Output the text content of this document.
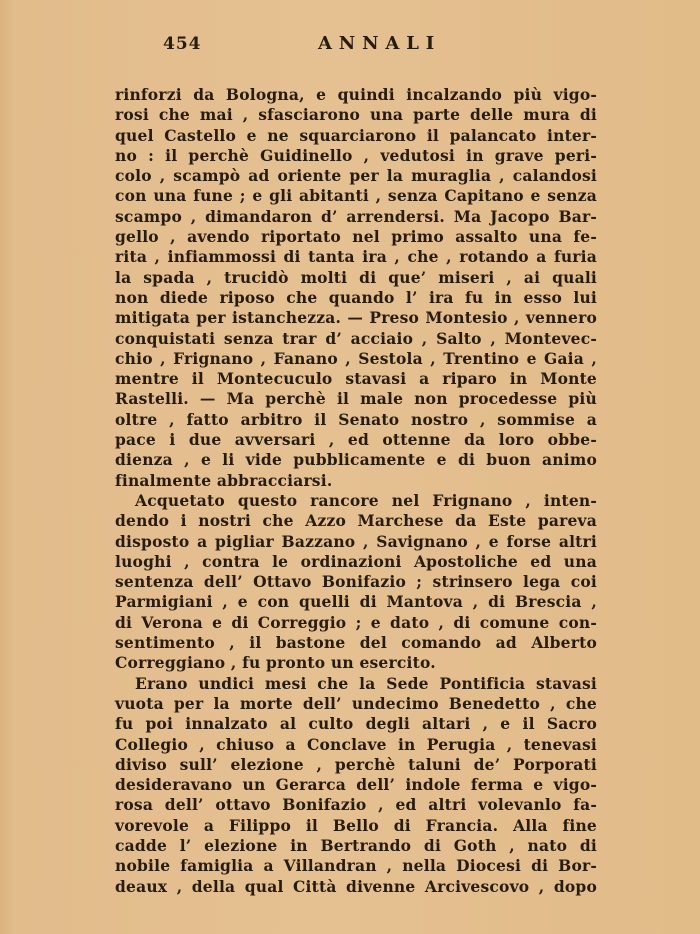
454	ANNALI
rinforzi da Bologna, e quindi incalzando più vigo-
rosi che mai , sfasciarono una parte delle mura di
quel Castello e ne squarciarono il palancato inter-
no : il perchè Guidinello , vedutosi in grave peri-
colo , scampò ad oriente per la muraglia , calandosi
con una fune ; e gli abitanti , senza Capitano e senza
scampo , dimandaron d’ arrendersi. Ma Jacopo Bar-
gello , avendo riportato nel primo assalto una fe-
rita , infiammossi di tanta ira , che , rotando a furia
la spada , trucidò molti di que’ miseri , ai quali
non diede riposo che quando l’ ira fu in esso lui
mitigata per istanchezza. — Preso Montesio , vennero
conquistati senza trar d’ acciaio , Salto , Montevec-
chio , Frignano , Fanano , Sestola , Trentino e Gaia ,
mentre il Montecuculo stavasi a riparo in Monte
Rastelli. — Ma perchè il male non procedesse più
oltre , fatto arbitro il Senato nostro , sommise a
pace i due avversari , ed ottenne da loro obbe-
dienza , e li vide pubblicamente e di buon animo
finalmente abbracciarsi.
Acquetato questo rancore nel Frignano , inten-
dendo i nostri che Azzo Marchese da Este pareva
disposto a pigliar Bazzano , Savignano , e forse altri
luoghi , contra le ordinazioni Apostoliche ed una
sentenza dell’ Ottavo Bonifazio ; strinsero lega coi
Parmigiani , e con quelli di Mantova , di Brescia ,
di Verona e di Correggio ; e dato , di comune con-
sentimento , il bastone del comando ad Alberto
Correggiano , fu pronto un esercito.
Erano undici mesi che la Sede Pontificia stavasi
vuota per la morte dell’ undecimo Benedetto , che
fu poi innalzato al culto degli altari , e il Sacro
Collegio , chiuso a Conclave in Perugia , tenevasi
diviso sull’ elezione , perchè taluni de’ Porporati
desideravano un Gerarca dell’ indole ferma e vigo-
rosa dell’ ottavo Bonifazio , ed altri volevanlo fa-
vorevole a Filippo il Bello di Francia. Alla fine
cadde l’ elezione in Bertrando di Goth , nato di
nobile famiglia a Villandran , nella Diocesi di Bor-
deaux , della qual Città divenne Arcivescovo , dopo
